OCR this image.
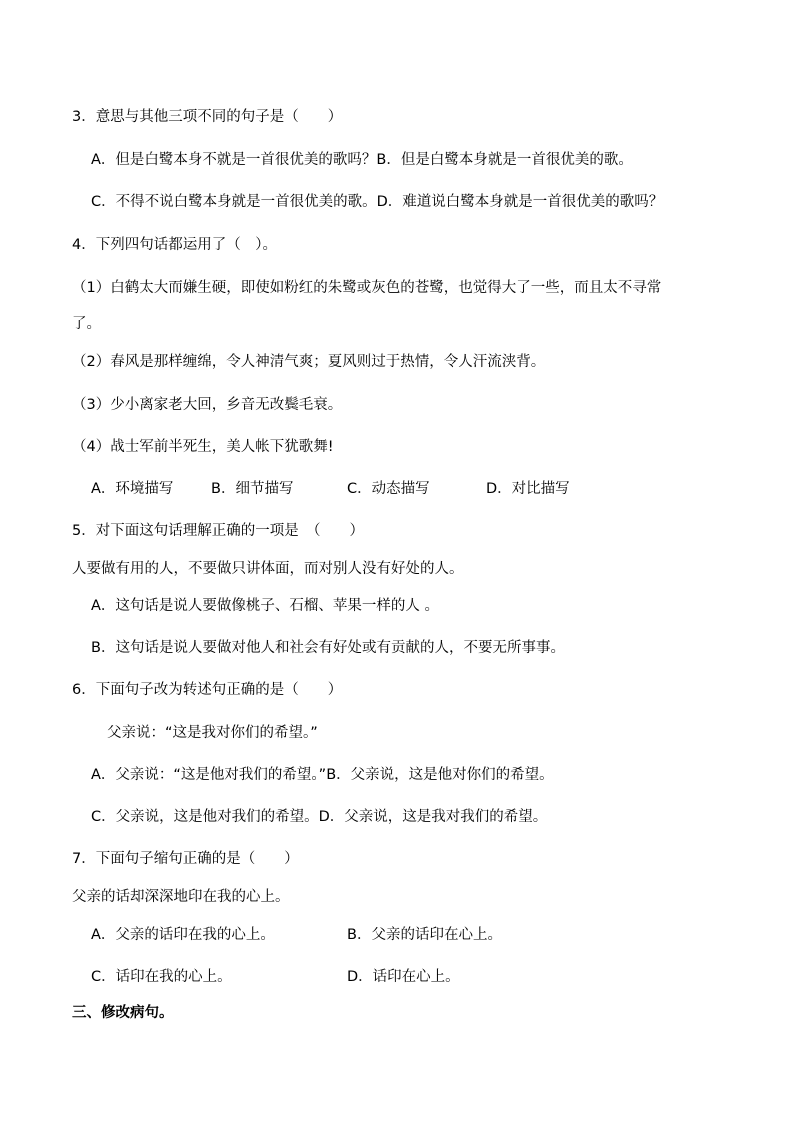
3．意思与其他三项不同的句子是（　　）
A．但是白鹭本身不就是一首很优美的歌吗？B．但是白鹭本身就是一首很优美的歌。
C．不得不说白鹭本身就是一首很优美的歌。D．难道说白鹭本身就是一首很优美的歌吗？
4．下列四句话都运用了（　）。
（1）白鹤太大而嫌生硬，即使如粉红的朱鹭或灰色的苍鹭，也觉得大了一些，而且太不寻常
了。
（2）春风是那样缠绵，令人神清气爽；夏风则过于热情，令人汗流浃背。
（3）少小离家老大回，乡音无改鬓毛衰。
（4）战士军前半死生，美人帐下犹歌舞!
A．环境描写	B．细节描写	C．动态描写	D．对比描写
5．对下面这句话理解正确的一项是　（　　）
人要做有用的人，不要做只讲体面，而对别人没有好处的人。
A．这句话是说人要做像桃子、石榴、苹果一样的人 。
B．这句话是说人要做对他人和社会有好处或有贡献的人，不要无所事事。
6．下面句子改为转述句正确的是（　　）
父亲说：“这是我对你们的希望。”
A．父亲说：“这是他对我们的希望。”B．父亲说，这是他对你们的希望。
C．父亲说，这是他对我们的希望。D．父亲说，这是我对我们的希望。
7．下面句子缩句正确的是（　　）
父亲的话却深深地印在我的心上。
A．父亲的话印在我的心上。	B．父亲的话印在心上。
C．话印在我的心上。	D．话印在心上。
三、修改病句。
